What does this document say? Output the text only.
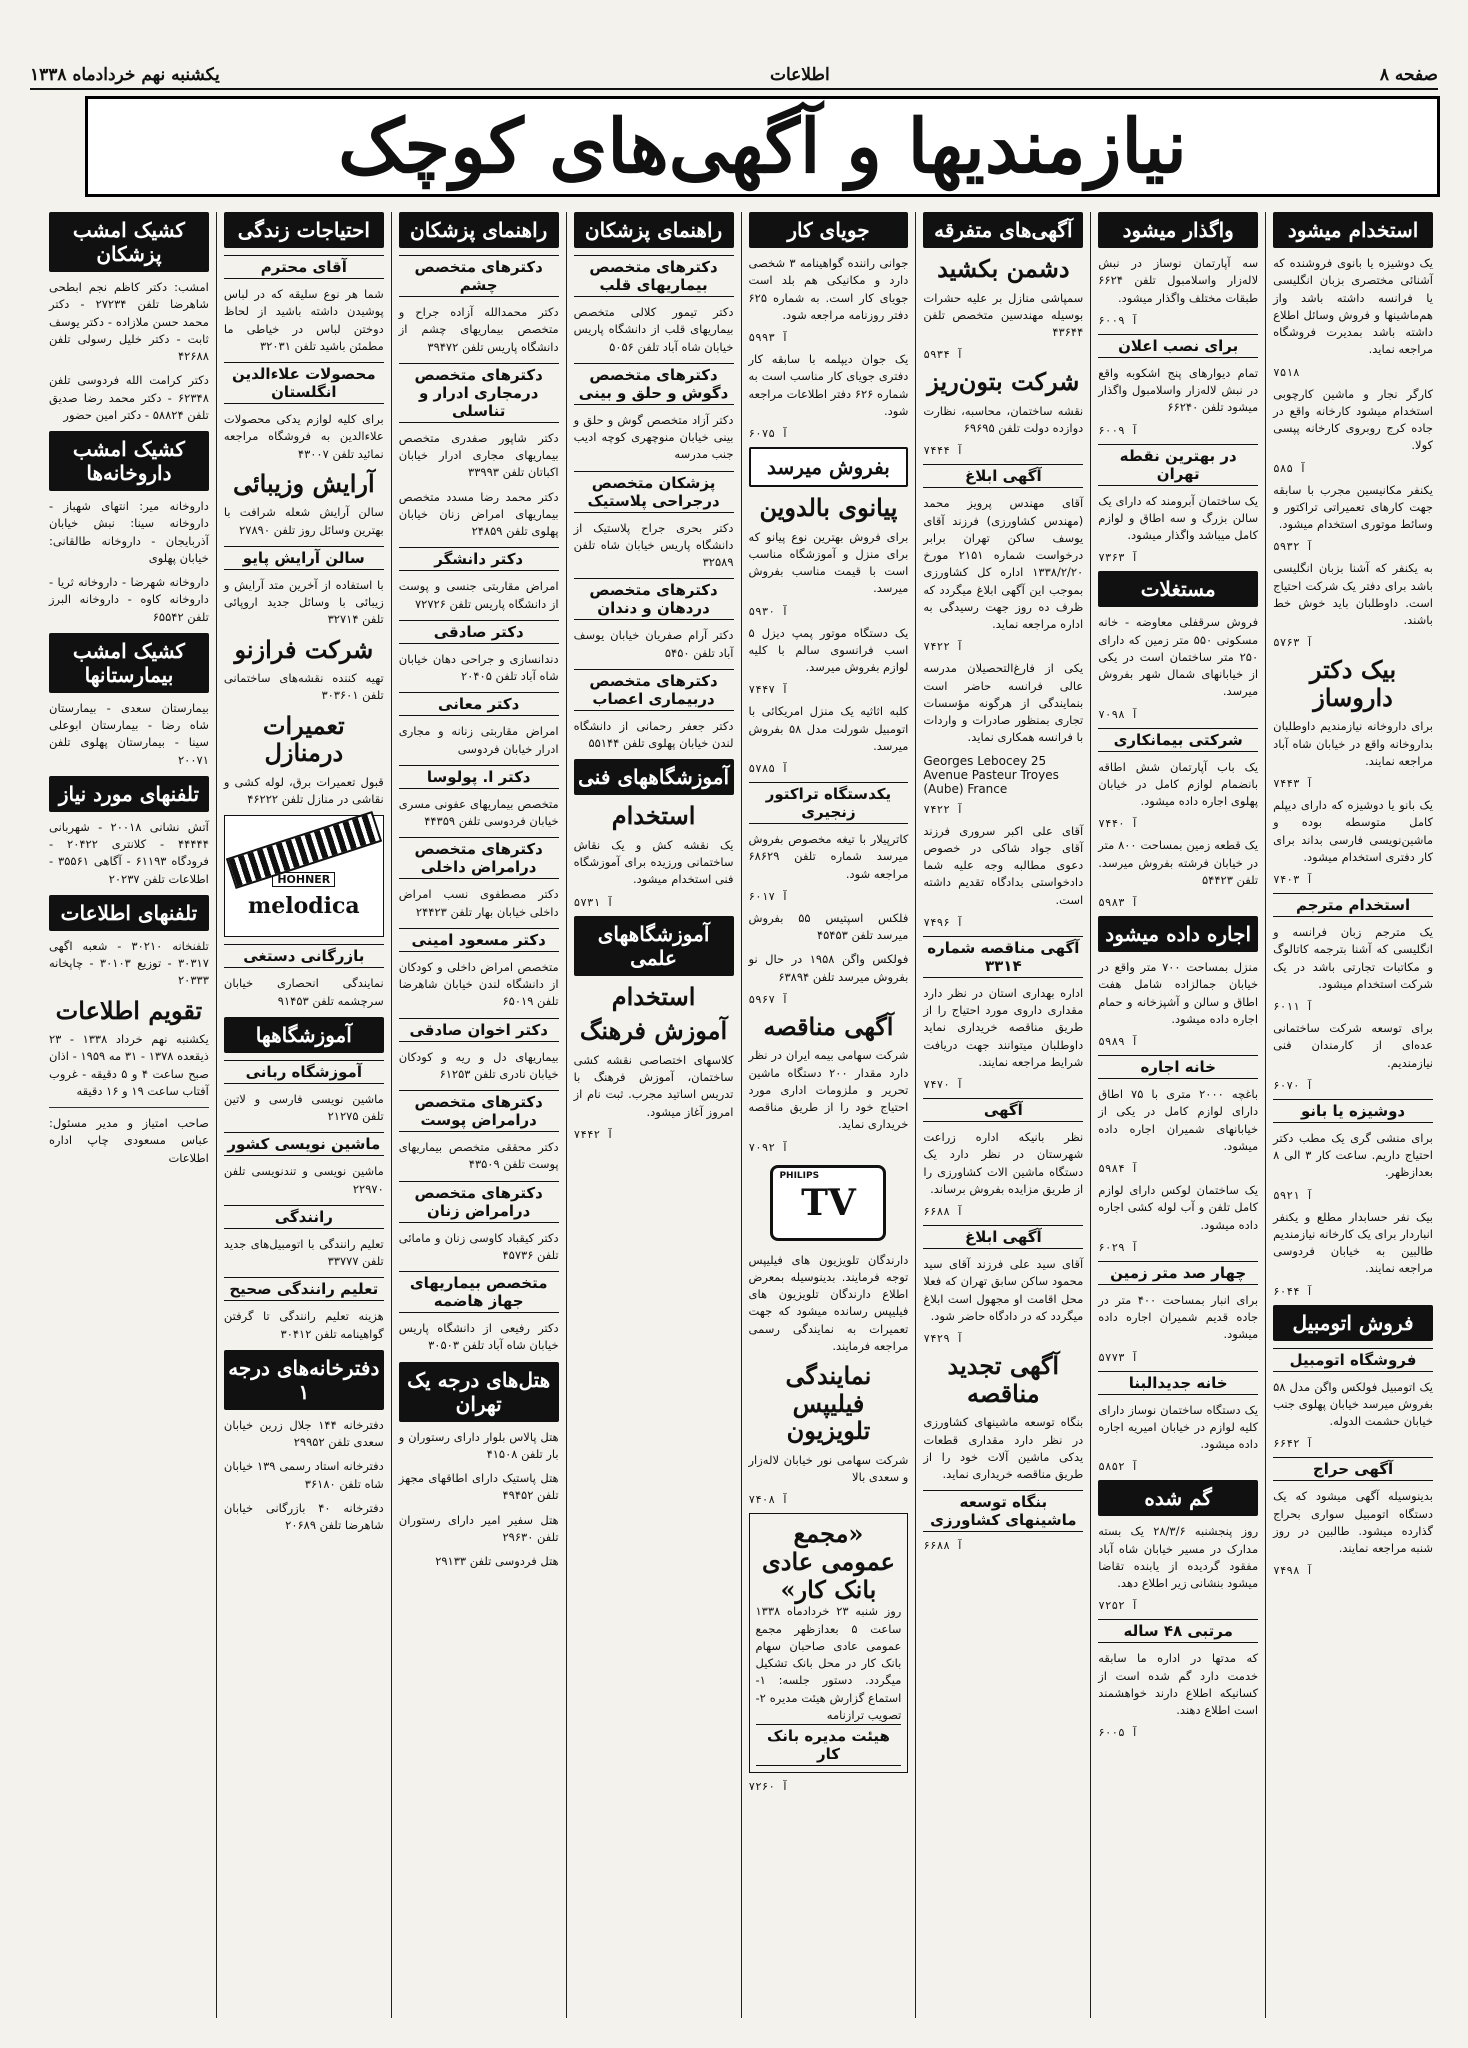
صفحه ۸
اطلاعات
یکشنبه نهم خردادماه ۱۳۳۸
نیازمندیها و آگهی‌های کوچک
استخدام میشود
یک دوشیزه یا بانوی فروشنده که آشنائی مختصری بزبان انگلیسی یا فرانسه داشته باشد واز هم‌ماشینها و فروش وسائل اطلاع داشته باشد بمدیرت فروشگاه مراجعه نماید.
۷۵۱۸
کارگر نجار و ماشین کارچوبی استخدام میشود کارخانه واقع در جاده کرج روبروی کارخانه پپسی کولا.
۵۸۵ آ
یکنفر مکانیسین مجرب با سابقه جهت کارهای تعمیراتی تراکتور و وسائط موتوری استخدام میشود.
۵۹۳۲ آ
به یکنفر که آشنا بزبان انگلیسی باشد برای دفتر یک شرکت احتیاج است. داوطلبان باید خوش خط باشند.
۵۷۶۳ آ
بیک دکتر داروساز
برای داروخانه نیازمندیم داوطلبان بداروخانه واقع در خیابان شاه آباد مراجعه نمایند.
۷۴۴۳ آ
یک بانو یا دوشیزه که دارای دیپلم کامل متوسطه بوده و ماشین‌نویسی فارسی بداند برای کار دفتری استخدام میشود.
۷۴۰۳ آ
استخدام مترجم
یک مترجم زبان فرانسه و انگلیسی که آشنا بترجمه کاتالوگ و مکاتبات تجارتی باشد در یک شرکت استخدام میشود.
۶۰۱۱ آ
برای توسعه شرکت ساختمانی عده‌ای از کارمندان فنی نیازمندیم.
۶۰۷۰ آ
دوشیزه یا بانو
برای منشی گری یک مطب دکتر احتیاج داریم. ساعت کار ۳ الی ۸ بعدازظهر.
۵۹۲۱ آ
بیک نفر حسابدار مطلع و یکنفر انباردار برای یک کارخانه نیازمندیم طالبین به خیابان فردوسی مراجعه نمایند.
۶۰۴۴ آ
فروش اتومبیل
فروشگاه اتومبیل
یک اتومبیل فولکس واگن مدل ۵۸ بفروش میرسد خیابان پهلوی جنب خیابان حشمت الدوله.
۶۶۴۲ آ
آگهی حراج
بدینوسیله آگهی میشود که یک دستگاه اتومبیل سواری بحراج گذارده میشود. طالبین در روز شنبه مراجعه نمایند.
۷۴۹۸ آ
واگذار میشود
سه آپارتمان نوساز در نبش لاله‌زار واسلامبول تلفن ۶۶۲۴ طبقات مختلف واگذار میشود.
۶۰۰۹ آ
برای نصب اعلان
تمام دیوارهای پنج اشکوبه واقع در نبش لاله‌زار واسلامبول واگذار میشود تلفن ۶۶۲۴۰
۶۰۰۹ آ
در بهترین نقطه تهران
یک ساختمان آبرومند که دارای یک سالن بزرگ و سه اطاق و لوازم کامل میباشد واگذار میشود.
۷۳۶۳ آ
مستغلات
فروش سرقفلی معاوضه - خانه مسکونی ۵۵۰ متر زمین که دارای ۲۵۰ متر ساختمان است در یکی از خیابانهای شمال شهر بفروش میرسد.
۷۰۹۸ آ
شرکتی بیمانکاری
یک باب آپارتمان شش اطاقه بانضمام لوازم کامل در خیابان پهلوی اجاره داده میشود.
۷۴۴۰ آ
یک قطعه زمین بمساحت ۸۰۰ متر در خیابان فرشته بفروش میرسد. تلفن ۵۴۴۲۳
۵۹۸۳ آ
اجاره داده میشود
منزل بمساحت ۷۰۰ متر واقع در خیابان جمالزاده شامل هفت اطاق و سالن و آشپزخانه و حمام اجاره داده میشود.
۵۹۸۹ آ
خانه اجاره
باغچه ۲۰۰۰ متری با ۷۵ اطاق دارای لوازم کامل در یکی از خیابانهای شمیران اجاره داده میشود.
۵۹۸۴ آ
یک ساختمان لوکس دارای لوازم کامل تلفن و آب لوله کشی اجاره داده میشود.
۶۰۲۹ آ
چهار صد متر زمین
برای انبار بمساحت ۴۰۰ متر در جاده قدیم شمیران اجاره داده میشود.
۵۷۷۳ آ
خانه جدیدالبنا
یک دستگاه ساختمان نوساز دارای کلیه لوازم در خیابان امیریه اجاره داده میشود.
۵۸۵۲ آ
گم شده
روز پنجشنبه ۲۸/۳/۶ یک بسته مدارک در مسیر خیابان شاه آباد مفقود گردیده از یابنده تقاضا میشود بنشانی زیر اطلاع دهد.
۷۲۵۲ آ
مرتبی ۴۸ ساله
که مدتها در اداره ما سابقه خدمت دارد گم شده است از کسانیکه اطلاع دارند خواهشمند است اطلاع دهند.
۶۰۰۵ آ
آگهی‌های متفرقه
دشمن بکشید
سمپاشی منازل بر علیه حشرات بوسیله مهندسین متخصص تلفن ۴۳۶۴۴
۵۹۳۴ آ
شرکت بتون‌ریز
نقشه ساختمان، محاسبه، نظارت دوازده دولت تلفن ۶۹۶۹۵
۷۴۴۴ آ
آگهی ابلاغ
آقای مهندس پرویز محمد (مهندس کشاورزی) فرزند آقای یوسف ساکن تهران برابر درخواست شماره ۲۱۵۱ مورخ ۱۳۳۸/۲/۲۰ اداره کل کشاورزی بموجب این آگهی ابلاغ میگردد که ظرف ده روز جهت رسیدگی به اداره مراجعه نماید.
۷۴۲۲ آ
یکی از فارغ‌التحصیلان مدرسه عالی فرانسه حاضر است بنمایندگی از هرگونه مؤسسات تجاری بمنظور صادرات و واردات با فرانسه همکاری نماید.
Georges Lebocey 25 Avenue Pasteur Troyes (Aube) France
۷۴۲۲ آ
آقای علی اکبر سروری فرزند آقای جواد شاکی در خصوص دعوی مطالبه وجه علیه شما دادخواستی بدادگاه تقدیم داشته است.
۷۴۹۶ آ
آگهی مناقصه شماره ۳۳۱۴
اداره بهداری استان در نظر دارد مقداری داروی مورد احتیاج را از طریق مناقصه خریداری نماید داوطلبان میتوانند جهت دریافت شرایط مراجعه نمایند.
۷۴۷۰ آ
آگهی
نظر بانیکه اداره زراعت شهرستان در نظر دارد یک دستگاه ماشین الات کشاورزی را از طریق مزایده بفروش برساند.
۶۶۸۸ آ
آگهی ابلاغ
آقای سید علی فرزند آقای سید محمود ساکن سابق تهران که فعلا محل اقامت او مجهول است ابلاغ میگردد که در دادگاه حاضر شود.
۷۴۲۹ آ
آگهی تجدید مناقصه
بنگاه توسعه ماشینهای کشاورزی در نظر دارد مقداری قطعات یدکی ماشین آلات خود را از طریق مناقصه خریداری نماید.
بنگاه توسعه ماشینهای کشاورزی
۶۶۸۸ آ
جویای کار
جوانی راننده گواهینامه ۳ شخصی دارد و مکانیکی هم بلد است جویای کار است. به شماره ۶۲۵ دفتر روزنامه مراجعه شود.
۵۹۹۳ آ
یک جوان دیپلمه با سابقه کار دفتری جویای کار مناسب است به شماره ۶۲۶ دفتر اطلاعات مراجعه شود.
۶۰۷۵ آ
بفروش میرسد
پیانوی بالدوین
برای فروش بهترین نوع پیانو که برای منزل و آموزشگاه مناسب است با قیمت مناسب بفروش میرسد.
۵۹۳۰ آ
یک دستگاه موتور پمپ دیزل ۵ اسب فرانسوی سالم با کلیه لوازم بفروش میرسد.
۷۴۴۷ آ
کلبه اثاثیه یک منزل امریکائی با اتومبیل شورلت مدل ۵۸ بفروش میرسد.
۵۷۸۵ آ
یکدستگاه تراکتور زنجیری
کاترپیلار با تیغه مخصوص بفروش میرسد شماره تلفن ۶۸۶۲۹ مراجعه شود.
۶۰۱۷ آ
فلکس اسپتیس ۵۵ بفروش میرسد تلفن ۴۵۴۵۳
فولکس واگن ۱۹۵۸ در حال نو بفروش میرسد تلفن ۶۳۸۹۴
۵۹۶۷ آ
آگهی مناقصه
شرکت سهامی بیمه ایران در نظر دارد مقدار ۲۰۰ دستگاه ماشین تحریر و ملزومات اداری مورد احتیاج خود را از طریق مناقصه خریداری نماید.
۷۰۹۲ آ
PHILIPS
TV
دارندگان تلویزیون های فیلیپس توجه فرمایند. بدینوسیله بمعرض اطلاع دارندگان تلویزیون های فیلیپس رسانده میشود که جهت تعمیرات به نمایندگی رسمی مراجعه فرمایند.
نمایندگی فیلیپس تلویزیون
شرکت سهامی نور خیابان لاله‌زار و سعدی بالا
۷۴۰۸ آ
«مجمع عمومی عادی بانک کار»
روز شنبه ۲۳ خردادماه ۱۳۳۸ ساعت ۵ بعدازظهر مجمع عمومی عادی صاحبان سهام بانک کار در محل بانک تشکیل میگردد. دستور جلسه: ۱- استماع گزارش هیئت مدیره ۲- تصویب ترازنامه
هیئت مدیره بانک کار
۷۲۶۰ آ
راهنمای پزشکان
دکترهای متخصص بیماریهای قلب
دکتر تیمور کلالی متخصص بیماریهای قلب از دانشگاه پاریس خیابان شاه آباد تلفن ۵۰۵۶
دکترهای متخصص دگوش و حلق و بینی
دکتر آزاد متخصص گوش و حلق و بینی خیابان منوچهری کوچه ادیب جنب مدرسه
پزشکان متخصص درجراحی پلاستیک
دکتر بحری جراح پلاستیک از دانشگاه پاریس خیابان شاه تلفن ۳۲۵۸۹
دکترهای متخصص دردهان و دندان
دکتر آرام صفریان خیابان یوسف آباد تلفن ۵۴۵۰
دکترهای متخصص دربیماری اعصاب
دکتر جعفر رحمانی از دانشگاه لندن خیابان پهلوی تلفن ۵۵۱۴۴
آموزشگاههای فنی
استخدام
یک نقشه کش و یک نقاش ساختمانی ورزیده برای آموزشگاه فنی استخدام میشود.
۵۷۳۱ آ
آموزشگاههای علمی
استخدام
آموزش فرهنگ
کلاسهای اختصاصی نقشه کشی ساختمان، آموزش فرهنگ با تدریس اساتید مجرب. ثبت نام از امروز آغاز میشود.
۷۴۴۲ آ
راهنمای پزشکان
دکترهای متخصص چشم
دکتر محمدالله آزاده جراح و متخصص بیماریهای چشم از دانشگاه پاریس تلفن ۳۹۴۷۲
دکترهای متخصص درمجاری ادرار و تناسلی
دکتر شاپور صفدری متخصص بیماریهای مجاری ادرار خیابان اکباتان تلفن ۳۳۹۹۳
دکتر محمد رضا مسدد متخصص بیماریهای امراض زنان خیابان پهلوی تلفن ۲۴۸۵۹
دکتر دانشگر
امراض مقاربتی جنسی و پوست از دانشگاه پاریس تلفن ۷۲۷۲۶
دکتر صادقی
دندانسازی و جراحی دهان خیابان شاه آباد تلفن ۲۰۴۰۵
دکتر معانی
امراض مقاربتی زنانه و مجاری ادرار خیابان فردوسی
دکتر ا. پولوسا
متخصص بیماریهای عفونی مسری خیابان فردوسی تلفن ۴۴۳۵۹
دکترهای متخصص درامراض داخلی
دکتر مصطفوی نسب امراض داخلی خیابان بهار تلفن ۲۴۴۲۳
دکتر مسعود امینی
متخصص امراض داخلی و کودکان از دانشگاه لندن خیابان شاهرضا تلفن ۶۵۰۱۹
دکتر اخوان صادقی
بیماریهای دل و ریه و کودکان خیابان نادری تلفن ۶۱۲۵۳
دکترهای متخصص درامراض پوست
دکتر محققی متخصص بیماریهای پوست تلفن ۴۳۵۰۹
دکترهای متخصص درامراض زنان
دکتر کیقباد کاوسی زنان و مامائی تلفن ۴۵۷۳۶
متخصص بیماریهای جهاز هاضمه
دکتر رفیعی از دانشگاه پاریس خیابان شاه آباد تلفن ۳۰۵۰۳
هتل‌های درجه یک تهران
هتل پالاس بلوار دارای رستوران و بار تلفن ۴۱۵۰۸
هتل پاستیک دارای اطاقهای مجهز تلفن ۴۹۴۵۲
هتل سفیر امیر دارای رستوران تلفن ۲۹۶۳۰
هتل فردوسی تلفن ۲۹۱۳۳
احتیاجات زندگی
آقای محترم
شما هر نوع سلیقه که در لباس پوشیدن داشته باشید از لحاظ دوختن لباس در خیاطی ما مطمئن باشید تلفن ۳۲۰۳۱
محصولات علاءالدین انگلستان
برای کلیه لوازم یدکی محصولات علاءالدین به فروشگاه مراجعه نمائید تلفن ۴۳۰۰۷
آرایش وزیبائی
سالن آرایش شعله شرافت با بهترین وسائل روز تلفن ۲۷۸۹۰
سالن آرایش پایو
با استفاده از آخرین متد آرایش و زیبائی با وسائل جدید اروپائی تلفن ۳۲۷۱۴
شرکت فرازنو
تهیه کننده نقشه‌های ساختمانی تلفن ۳۰۳۶۰۱
تعمیرات درمنازل
قبول تعمیرات برق، لوله کشی و نقاشی در منازل تلفن ۴۶۲۲۲
HOHNER
melodica
بازرگانی دستغی
نمایندگی انحصاری خیابان سرچشمه تلفن ۹۱۴۵۳
آموزشگاهها
آموزشگاه ربانی
ماشین نویسی فارسی و لاتین تلفن ۲۱۲۷۵
ماشین نویسی کشور
ماشین نویسی و تندنویسی تلفن ۲۲۹۷۰
رانندگی
تعلیم رانندگی با اتومبیل‌های جدید تلفن ۳۳۷۷۷
تعلیم رانندگی صحیح
هزینه تعلیم رانندگی تا گرفتن گواهینامه تلفن ۳۰۴۱۲
دفترخانه‌های درجه ۱
دفترخانه ۱۴۴ جلال زرین خیابان سعدی تلفن ۲۹۹۵۲
دفترخانه استاد رسمی ۱۳۹ خیابان شاه تلفن ۳۶۱۸۰
دفترخانه ۴۰ بازرگانی خیابان شاهرضا تلفن ۲۰۶۸۹
کشیک امشب پزشکان
امشب: دکتر کاظم نجم ابطحی شاهرضا تلفن ۲۷۲۳۴ - دکتر محمد حسن ملازاده - دکتر یوسف ثابت - دکتر خلیل رسولی تلفن ۴۲۶۸۸
دکتر کرامت الله فردوسی تلفن ۶۲۳۴۸ - دکتر محمد رضا صدیق تلفن ۵۸۸۲۴ - دکتر امین حضور
کشیک امشب داروخانه‌ها
داروخانه میر: انتهای شهباز - داروخانه سینا: نبش خیابان آذربایجان - داروخانه طالقانی: خیابان پهلوی
داروخانه شهرضا - داروخانه ثریا - داروخانه کاوه - داروخانه البرز تلفن ۶۵۵۴۲
کشیک امشب بیمارستانها
بیمارستان سعدی - بیمارستان شاه رضا - بیمارستان ابوعلی سینا - بیمارستان پهلوی تلفن ۲۰۰۷۱
تلفنهای مورد نیاز
آتش نشانی ۲۰۰۱۸ - شهربانی ۴۴۴۴۴ - کلانتری ۲۰۴۲۲ - فرودگاه ۶۱۱۹۳ - آگاهی ۳۵۵۶۱ - اطلاعات تلفن ۲۰۲۳۷
تلفنهای اطلاعات
تلفنخانه ۳۰۲۱۰ - شعبه اگهی ۳۰۳۱۷ - توزیع ۳۰۱۰۳ - چاپخانه ۲۰۳۳۳
تقویم اطلاعات
یکشنبه نهم خرداد ۱۳۳۸ - ۲۳ ذیقعده ۱۳۷۸ - ۳۱ مه ۱۹۵۹ - اذان صبح ساعت ۴ و ۵ دقیقه - غروب آفتاب ساعت ۱۹ و ۱۶ دقیقه
صاحب امتیاز و مدیر مسئول: عباس مسعودی چاپ اداره اطلاعات
